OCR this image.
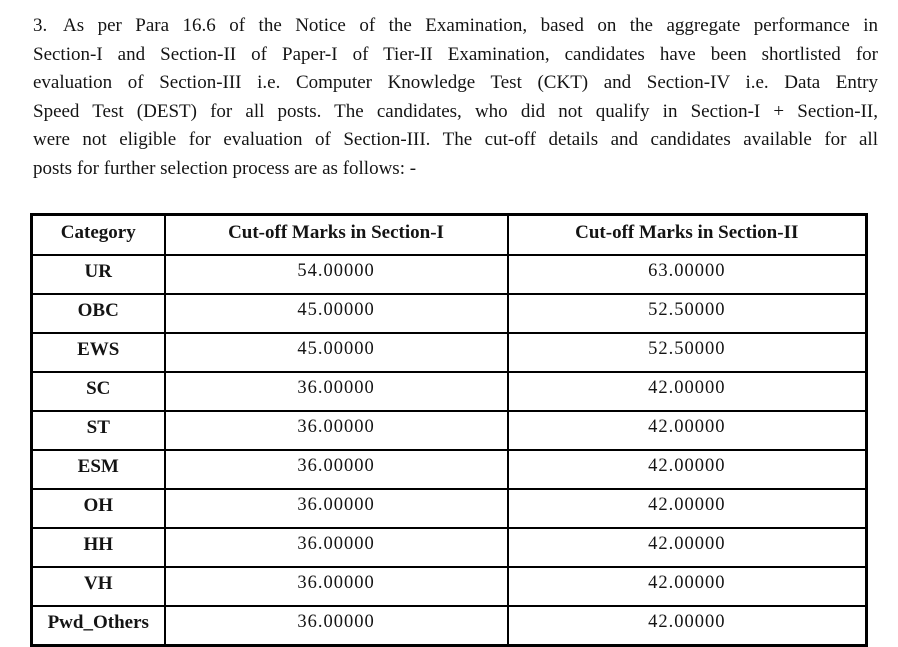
3. As per Para 16.6 of the Notice of the Examination, based on the aggregate performance in
Section-I and Section-II of Paper-I of Tier-II Examination, candidates have been shortlisted for
evaluation of Section-III i.e. Computer Knowledge Test (CKT) and Section-IV i.e. Data Entry
Speed Test (DEST) for all posts. The candidates, who did not qualify in Section-I + Section-II,
were not eligible for evaluation of Section-III. The cut-off details and candidates available for all
posts for further selection process are as follows: -
Category	Cut-off Marks in Section-I	Cut-off Marks in Section-II
UR	54.00000	63.00000
OBC	45.00000	52.50000
EWS	45.00000	52.50000
SC	36.00000	42.00000
ST	36.00000	42.00000
ESM	36.00000	42.00000
OH	36.00000	42.00000
HH	36.00000	42.00000
VH	36.00000	42.00000
Pwd_Others	36.00000	42.00000
